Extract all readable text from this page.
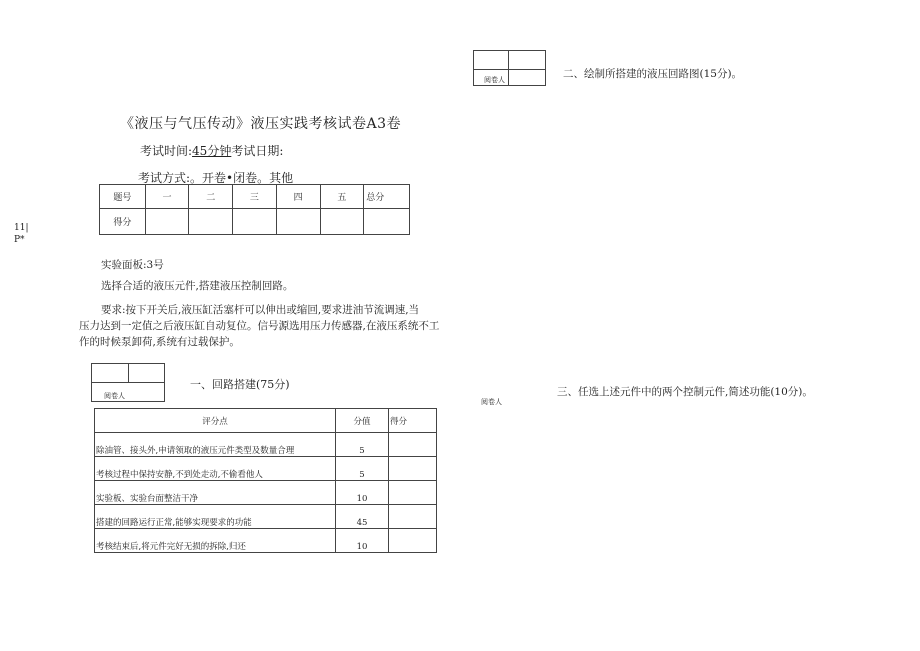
11|
P*
《液压与气压传动》液压实践考核试卷A3卷
考试时间:45分钟考试日期:
考试方式:。开卷•闭卷。其他
题号	一	二	三	四	五	总分
得分						
实验面板:3号
选择合适的液压元件,搭建液压控制回路。
要求:按下开关后,液压缸活塞杆可以伸出或缩回,要求进油节流调速,当
压力达到一定值之后液压缸自动复位。信号源选用压力传感器,在液压系统不工
作的时候泵卸荷,系统有过载保护。

阅卷人
一、回路搭建(75分)
评分点	分值	得分
除油管、接头外,申请领取的液压元件类型及数量合理	5	
考核过程中保持安静,不到处走动,不偷看他人	5	
实验板、实验台面整洁干净	10	
搭建的回路运行正常,能够实现要求的功能	45	
考核结束后,将元件完好无损的拆除,归还	10	

阅卷人		二、绘制所搭建的液压回路图(15分)。
阅卷人
三、任选上述元件中的两个控制元件,简述功能(10分)。
